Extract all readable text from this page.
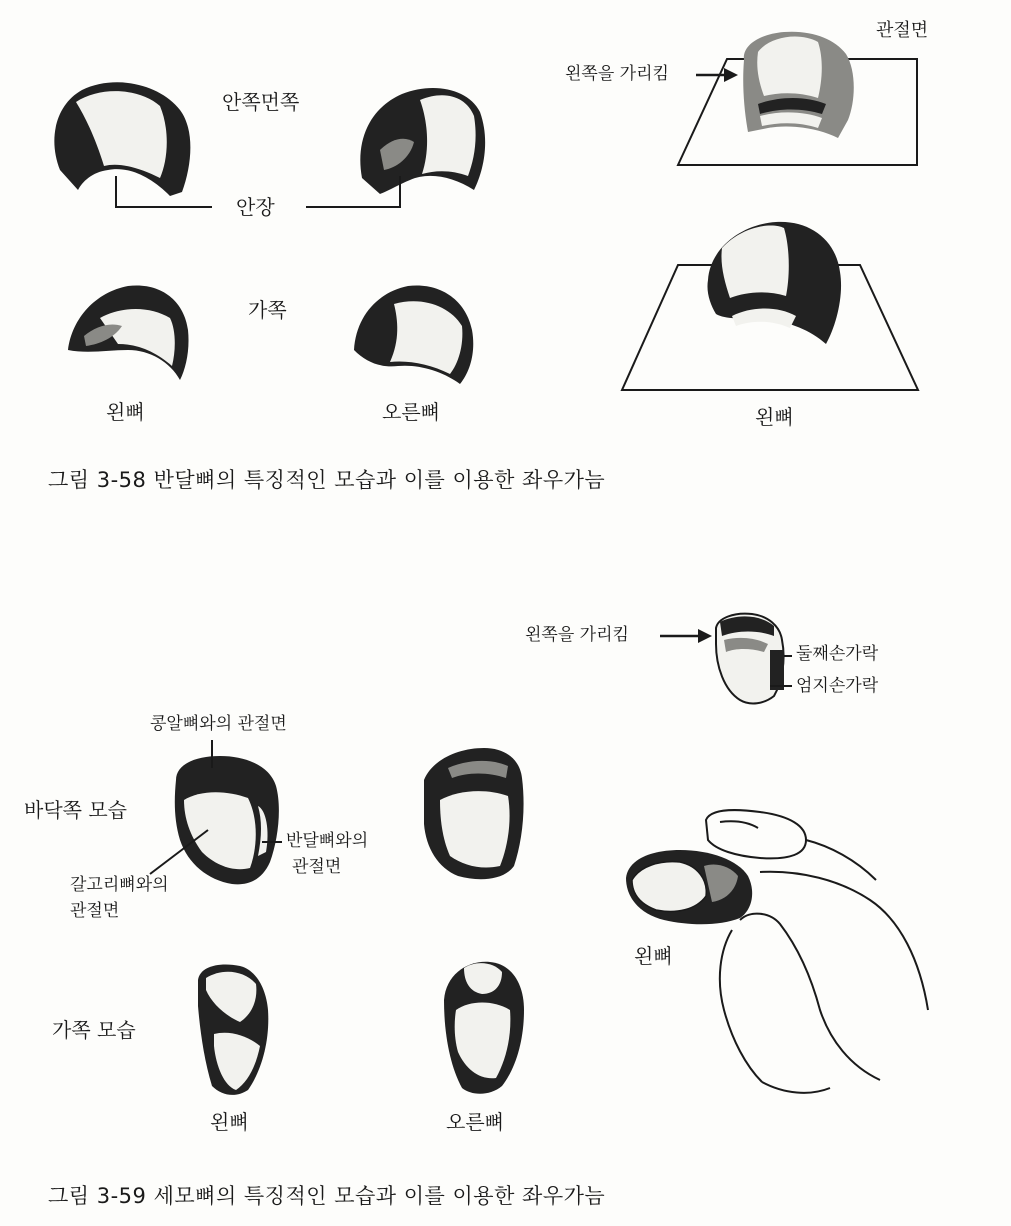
안쪽먼쪽
안장
가쪽
왼뼈	오른뼈
관절면
왼쪽을 가리킴
왼뼈
그림 3-58 반달뼈의 특징적인 모습과 이를 이용한 좌우가늠
왼쪽을 가리킴
둘째손가락
엄지손가락
콩알뼈와의 관절면
바닥쪽 모습
반달뼈와의
관절면
갈고리뼈와의
관절면
왼뼈
가쪽 모습
왼뼈	오른뼈
그림 3-59 세모뼈의 특징적인 모습과 이를 이용한 좌우가늠
